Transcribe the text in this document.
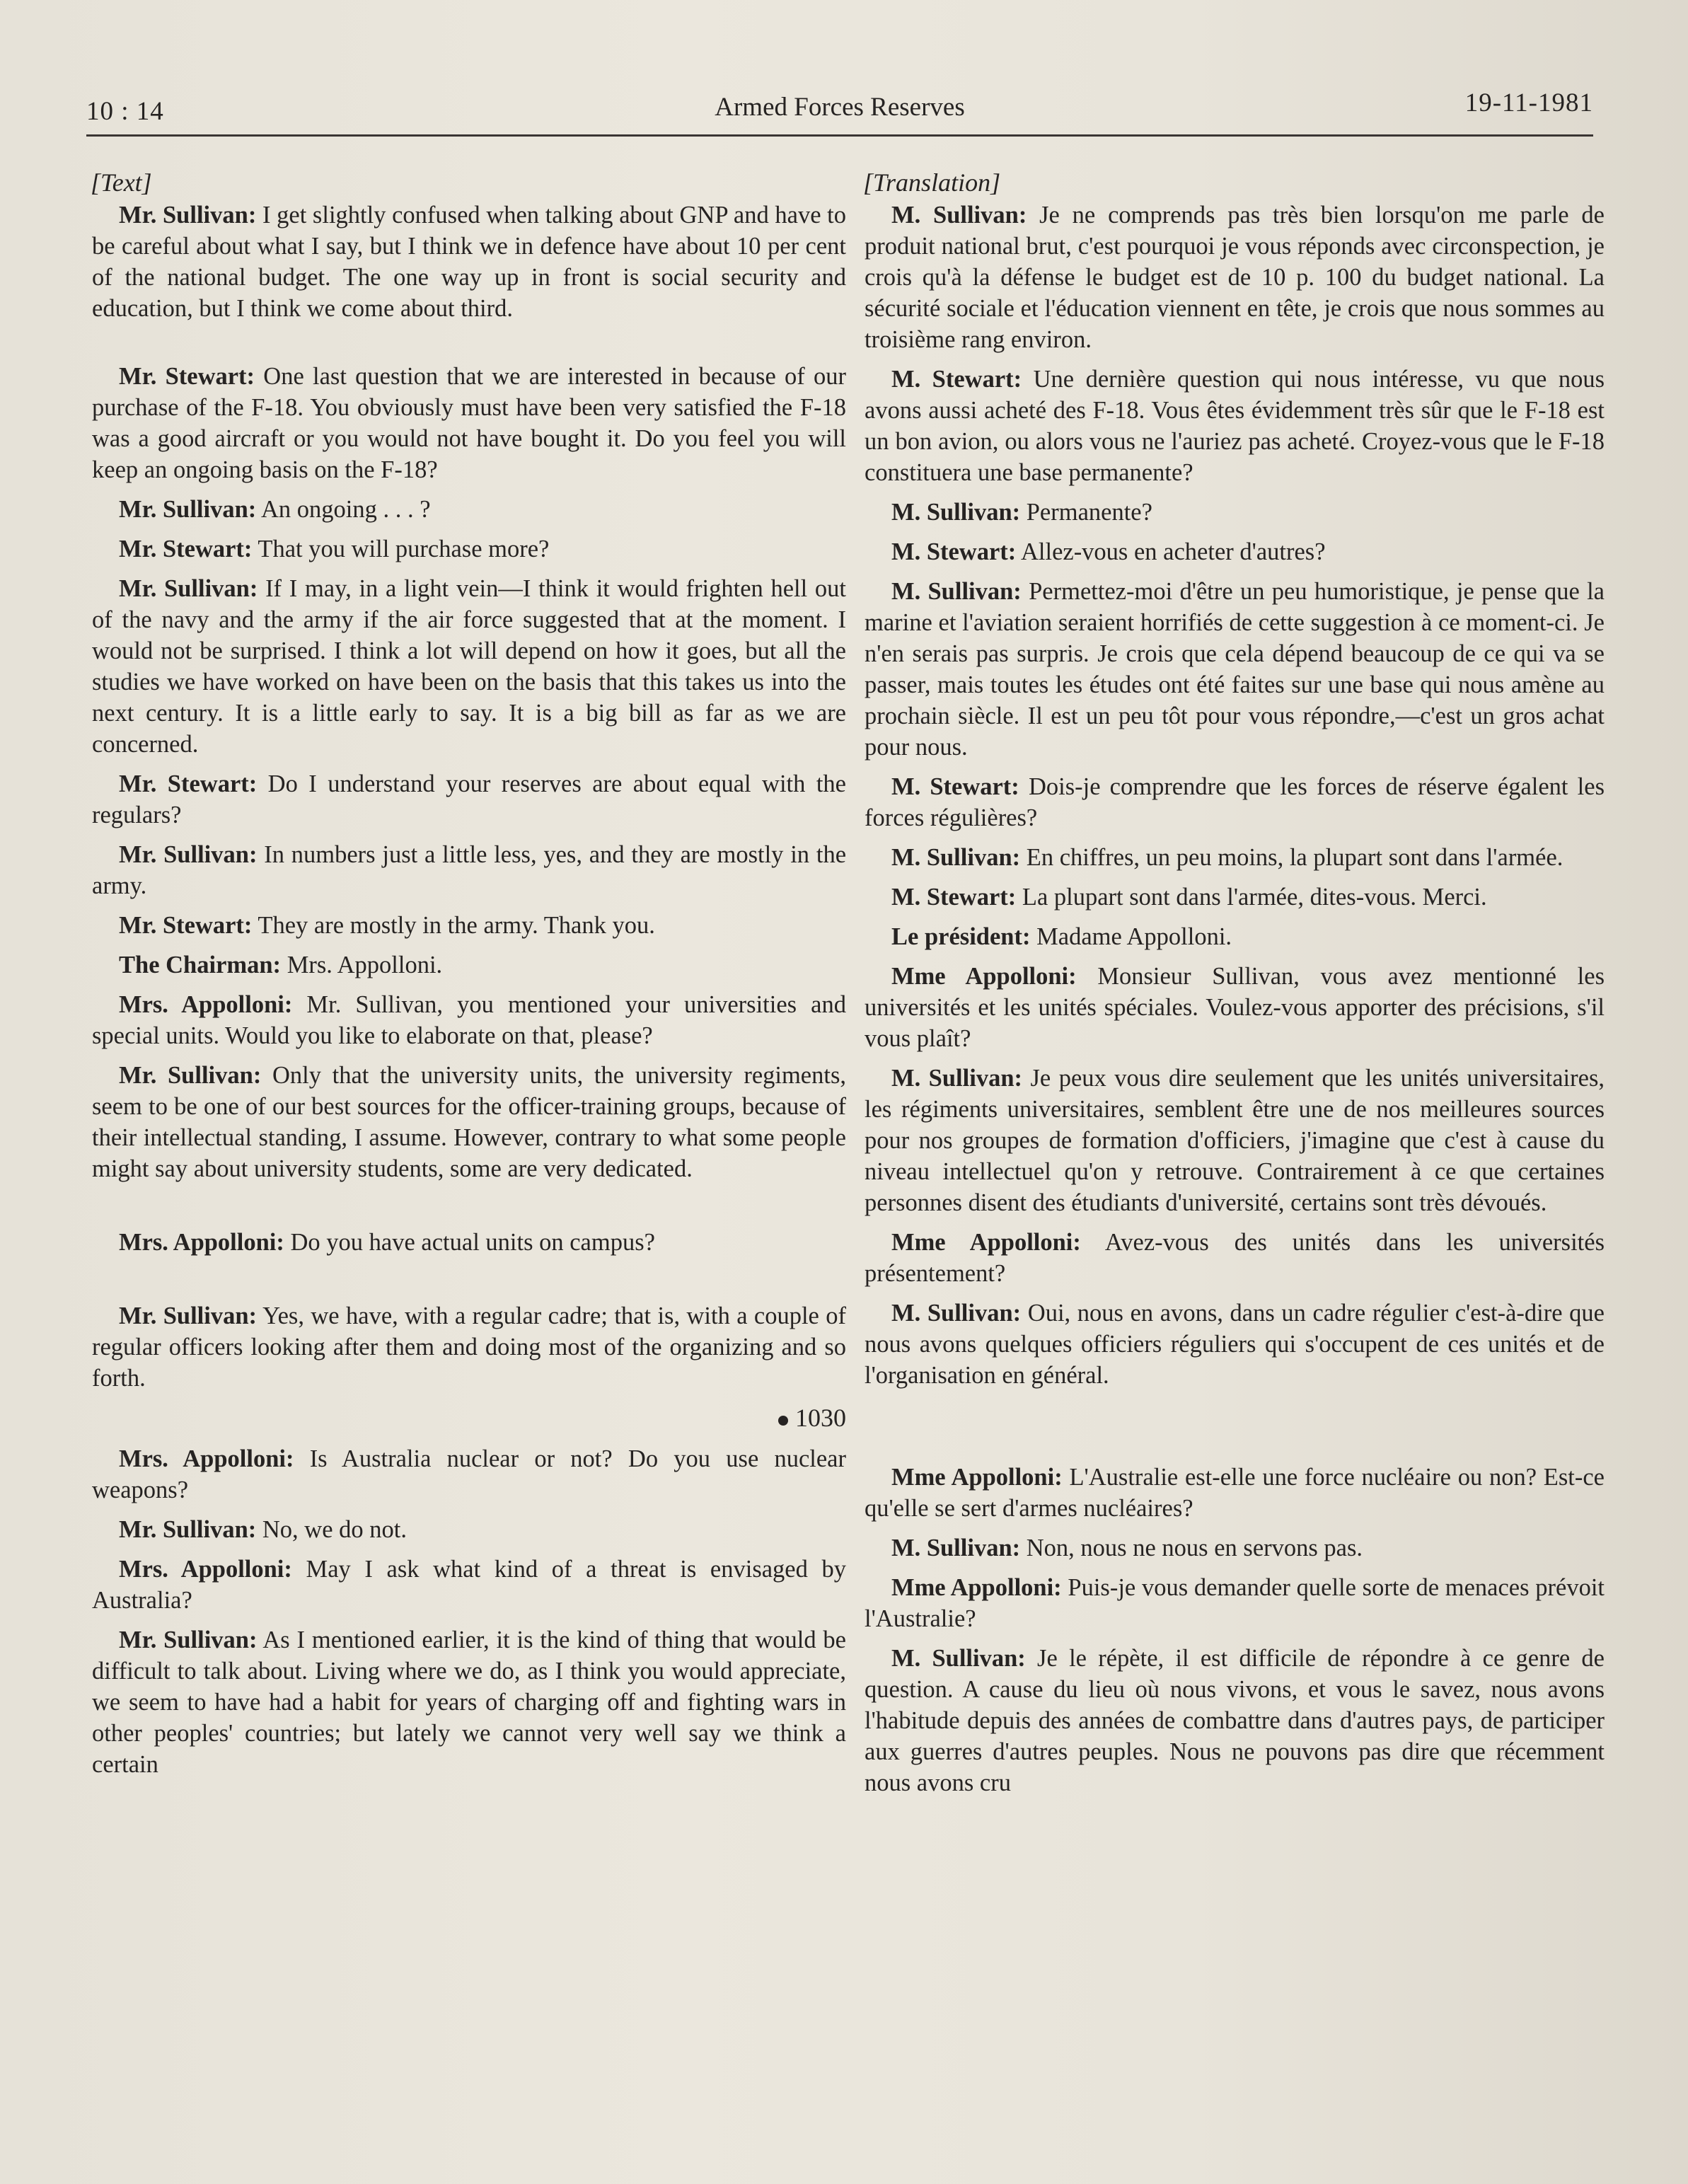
10 : 14	Armed Forces Reserves	19-11-1981
[Text]

Mr. Sullivan: I get slightly confused when talking about GNP and have to be careful about what I say, but I think we in defence have about 10 per cent of the national budget. The one way up in front is social security and education, but I think we come about third.

Mr. Stewart: One last question that we are interested in because of our purchase of the F-18. You obviously must have been very satisfied the F-18 was a good aircraft or you would not have bought it. Do you feel you will keep an ongoing basis on the F-18?

Mr. Sullivan: An ongoing . . . ?

Mr. Stewart: That you will purchase more?

Mr. Sullivan: If I may, in a light vein—I think it would frighten hell out of the navy and the army if the air force suggested that at the moment. I would not be surprised. I think a lot will depend on how it goes, but all the studies we have worked on have been on the basis that this takes us into the next century. It is a little early to say. It is a big bill as far as we are concerned.

Mr. Stewart: Do I understand your reserves are about equal with the regulars?

Mr. Sullivan: In numbers just a little less, yes, and they are mostly in the army.

Mr. Stewart: They are mostly in the army. Thank you.

The Chairman: Mrs. Appolloni.

Mrs. Appolloni: Mr. Sullivan, you mentioned your universities and special units. Would you like to elaborate on that, please?

Mr. Sullivan: Only that the university units, the university regiments, seem to be one of our best sources for the officer-training groups, because of their intellectual standing, I assume. However, contrary to what some people might say about university students, some are very dedicated.

Mrs. Appolloni: Do you have actual units on campus?

Mr. Sullivan: Yes, we have, with a regular cadre; that is, with a couple of regular officers looking after them and doing most of the organizing and so forth.

1030

Mrs. Appolloni: Is Australia nuclear or not? Do you use nuclear weapons?

Mr. Sullivan: No, we do not.

Mrs. Appolloni: May I ask what kind of a threat is envisaged by Australia?

Mr. Sullivan: As I mentioned earlier, it is the kind of thing that would be difficult to talk about. Living where we do, as I think you would appreciate, we seem to have had a habit for years of charging off and fighting wars in other peoples' countries; but lately we cannot very well say we think a certain

[Translation]

M. Sullivan: Je ne comprends pas très bien lorsqu'on me parle de produit national brut, c'est pourquoi je vous réponds avec circonspection, je crois qu'à la défense le budget est de 10 p. 100 du budget national. La sécurité sociale et l'éducation viennent en tête, je crois que nous sommes au troisième rang environ.

M. Stewart: Une dernière question qui nous intéresse, vu que nous avons aussi acheté des F-18. Vous êtes évidemment très sûr que le F-18 est un bon avion, ou alors vous ne l'auriez pas acheté. Croyez-vous que le F-18 constituera une base permanente?

M. Sullivan: Permanente?

M. Stewart: Allez-vous en acheter d'autres?

M. Sullivan: Permettez-moi d'être un peu humoristique, je pense que la marine et l'aviation seraient horrifiés de cette suggestion à ce moment-ci. Je n'en serais pas surpris. Je crois que cela dépend beaucoup de ce qui va se passer, mais toutes les études ont été faites sur une base qui nous amène au prochain siècle. Il est un peu tôt pour vous répondre,—c'est un gros achat pour nous.

M. Stewart: Dois-je comprendre que les forces de réserve égalent les forces régulières?

M. Sullivan: En chiffres, un peu moins, la plupart sont dans l'armée.

M. Stewart: La plupart sont dans l'armée, dites-vous. Merci.

Le président: Madame Appolloni.

Mme Appolloni: Monsieur Sullivan, vous avez mentionné les universités et les unités spéciales. Voulez-vous apporter des précisions, s'il vous plaît?

M. Sullivan: Je peux vous dire seulement que les unités universitaires, les régiments universitaires, semblent être une de nos meilleures sources pour nos groupes de formation d'officiers, j'imagine que c'est à cause du niveau intellectuel qu'on y retrouve. Contrairement à ce que certaines personnes disent des étudiants d'université, certains sont très dévoués.

Mme Appolloni: Avez-vous des unités dans les universités présentement?

M. Sullivan: Oui, nous en avons, dans un cadre régulier c'est-à-dire que nous avons quelques officiers réguliers qui s'occupent de ces unités et de l'organisation en général.

Mme Appolloni: L'Australie est-elle une force nucléaire ou non? Est-ce qu'elle se sert d'armes nucléaires?

M. Sullivan: Non, nous ne nous en servons pas.

Mme Appolloni: Puis-je vous demander quelle sorte de menaces prévoit l'Australie?

M. Sullivan: Je le répète, il est difficile de répondre à ce genre de question. A cause du lieu où nous vivons, et vous le savez, nous avons l'habitude depuis des années de combattre dans d'autres pays, de participer aux guerres d'autres peuples. Nous ne pouvons pas dire que récemment nous avons cru
